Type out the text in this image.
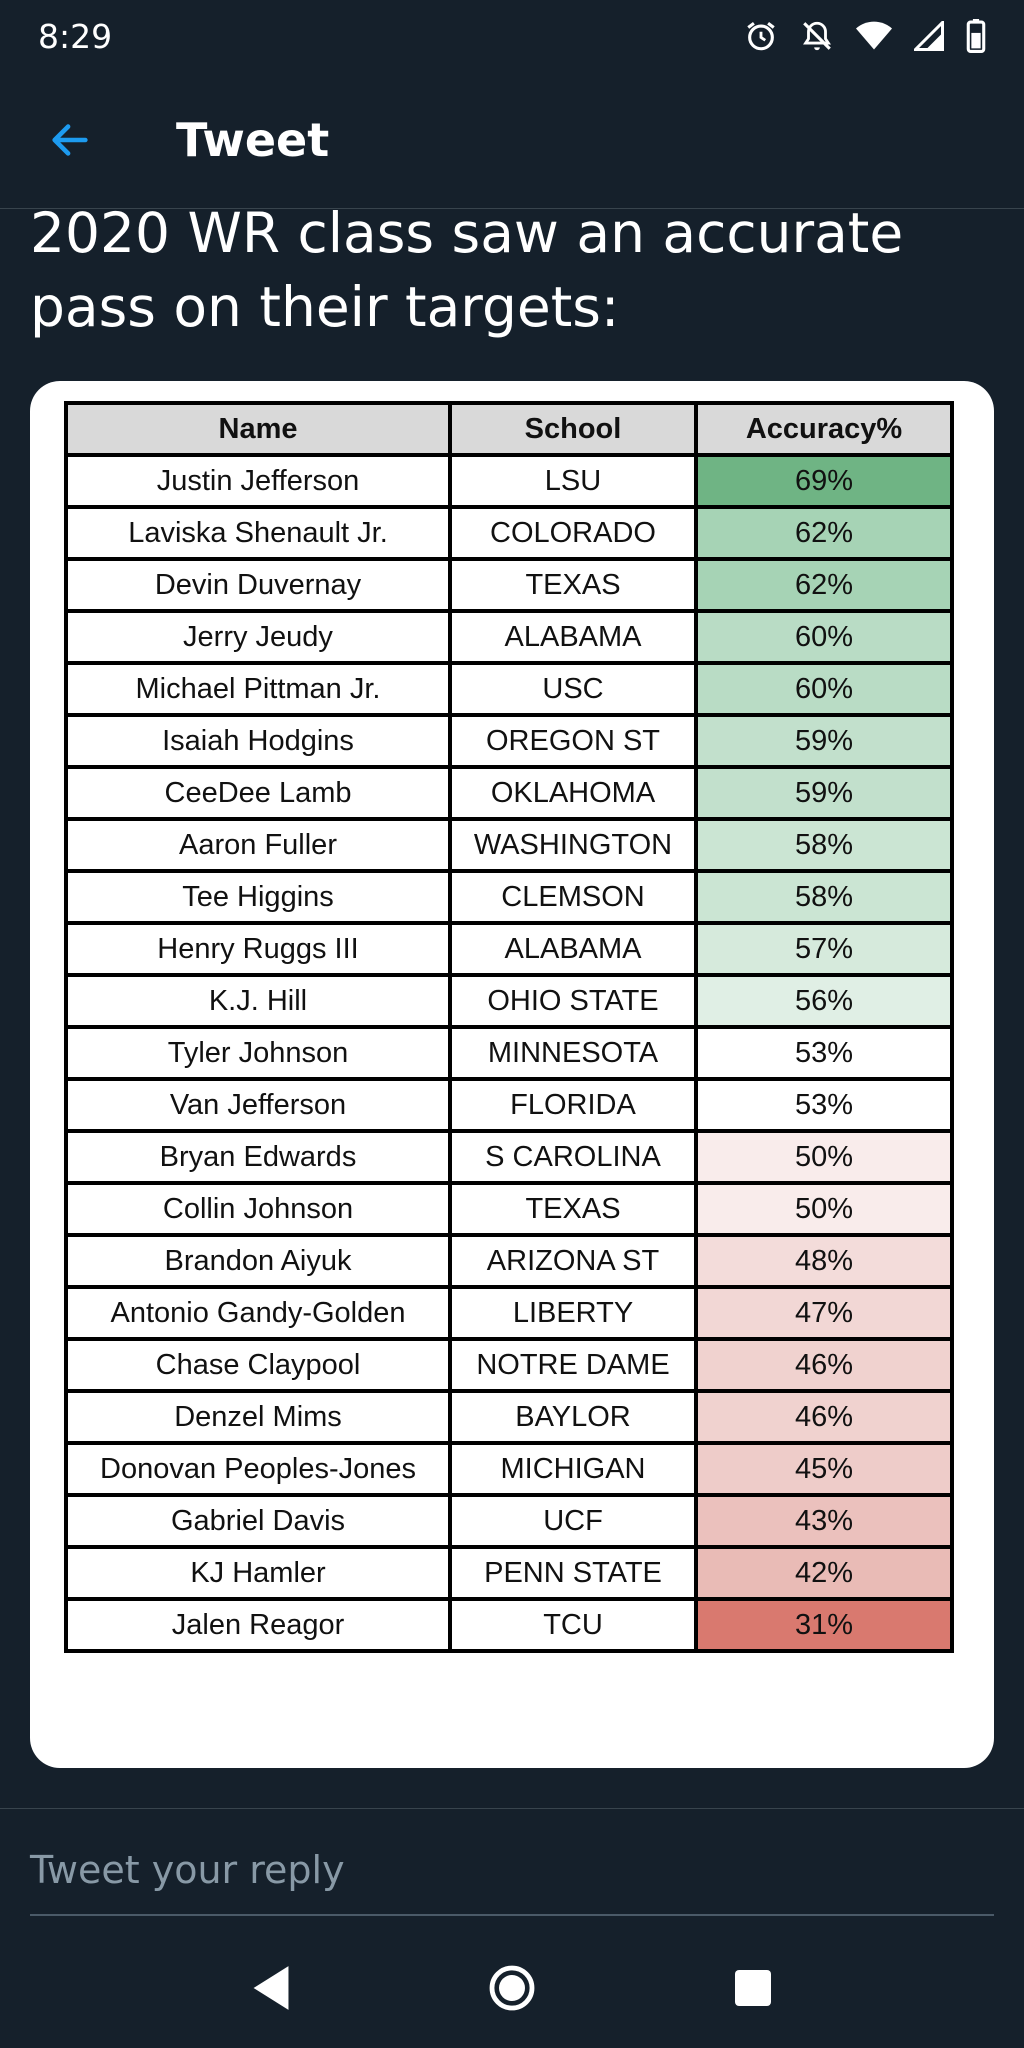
8:29
Tweet
2020 WR class saw an accurate pass on their targets:
Name	School	Accuracy%
Justin Jefferson	LSU	69%
Laviska Shenault Jr.	COLORADO	62%
Devin Duvernay	TEXAS	62%
Jerry Jeudy	ALABAMA	60%
Michael Pittman Jr.	USC	60%
Isaiah Hodgins	OREGON ST	59%
CeeDee Lamb	OKLAHOMA	59%
Aaron Fuller	WASHINGTON	58%
Tee Higgins	CLEMSON	58%
Henry Ruggs III	ALABAMA	57%
K.J. Hill	OHIO STATE	56%
Tyler Johnson	MINNESOTA	53%
Van Jefferson	FLORIDA	53%
Bryan Edwards	S CAROLINA	50%
Collin Johnson	TEXAS	50%
Brandon Aiyuk	ARIZONA ST	48%
Antonio Gandy-Golden	LIBERTY	47%
Chase Claypool	NOTRE DAME	46%
Denzel Mims	BAYLOR	46%
Donovan Peoples-Jones	MICHIGAN	45%
Gabriel Davis	UCF	43%
KJ Hamler	PENN STATE	42%
Jalen Reagor	TCU	31%
Tweet your reply
